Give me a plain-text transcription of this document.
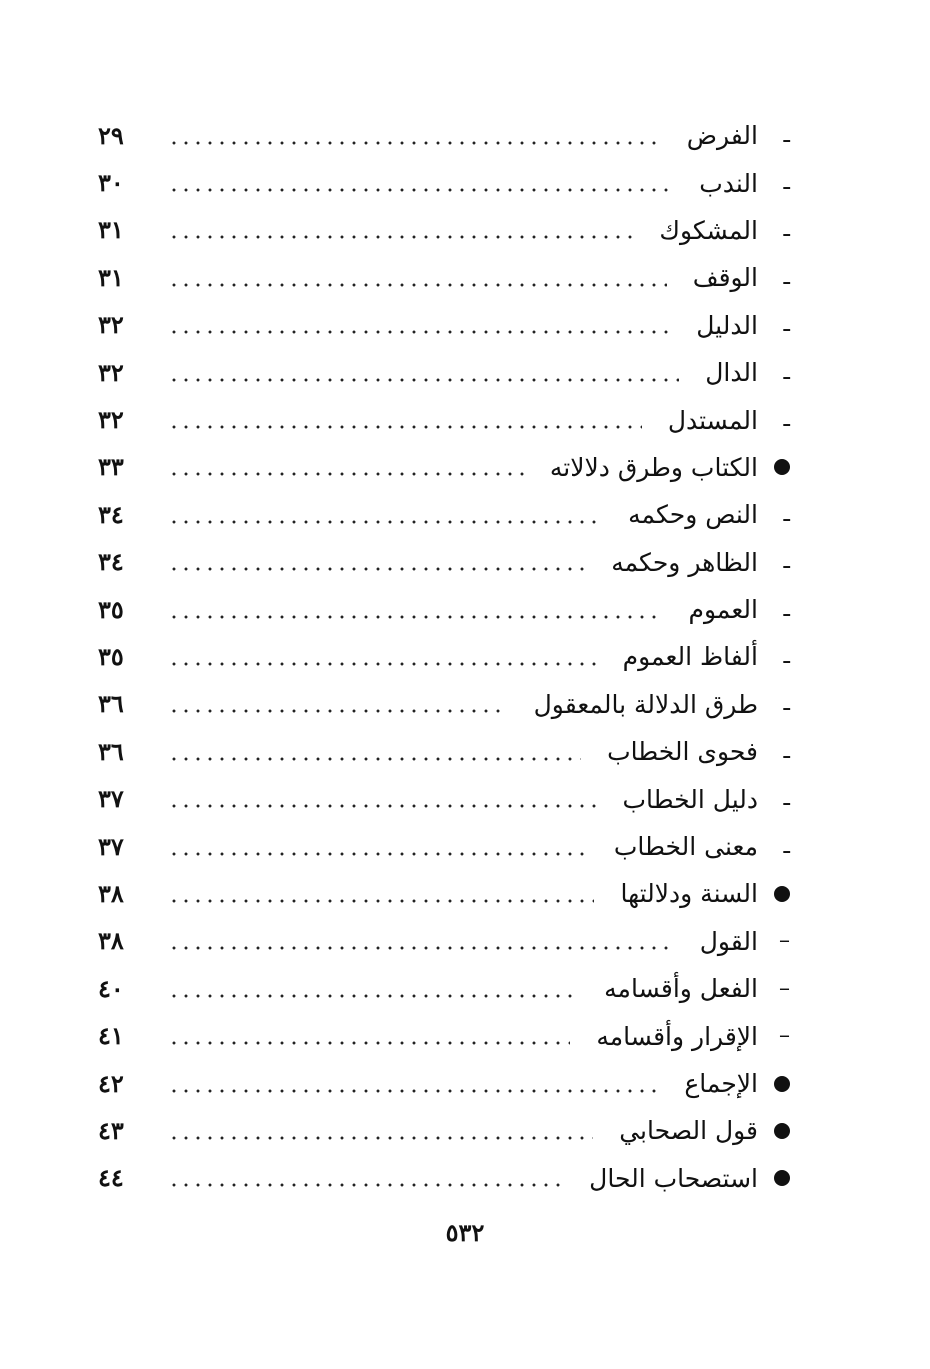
ـ
الفرض
٢٩
ـ
الندب
٣٠
ـ
المشكوك
٣١
ـ
الوقف
٣١
ـ
الدليل
٣٢
ـ
الدال
٣٢
ـ
المستدل
٣٢
الكتاب وطرق دلالاته
٣٣
ـ
النص وحكمه
٣٤
ـ
الظاهر وحكمه
٣٤
ـ
العموم
٣٥
ـ
ألفاظ العموم
٣٥
ـ
طرق الدلالة بالمعقول
٣٦
ـ
فحوى الخطاب
٣٦
ـ
دليل الخطاب
٣٧
ـ
معنى الخطاب
٣٧
السنة ودلالتها
٣٨
–
القول
٣٨
–
الفعل وأقسامه
٤٠
–
الإقرار وأقسامه
٤١
الإجماع
٤٢
قول الصحابي
٤٣
استصحاب الحال
٤٤
٥٣٢
